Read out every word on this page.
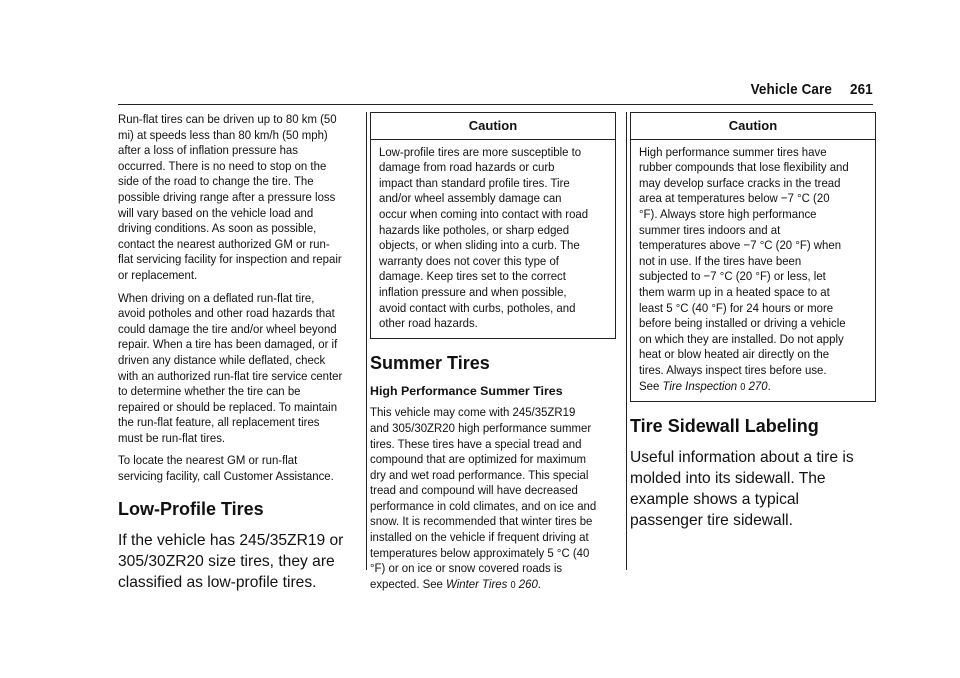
Vehicle Care 261

Run-flat tires can be driven up to 80 km (50 mi) at speeds less than 80 km/h (50 mph) after a loss of inflation pressure has occurred. There is no need to stop on the side of the road to change the tire. The possible driving range after a pressure loss will vary based on the vehicle load and driving conditions. As soon as possible, contact the nearest authorized GM or run-flat servicing facility for inspection and repair or replacement.

When driving on a deflated run-flat tire, avoid potholes and other road hazards that could damage the tire and/or wheel beyond repair. When a tire has been damaged, or if driven any distance while deflated, check with an authorized run-flat tire service center to determine whether the tire can be repaired or should be replaced. To maintain the run-flat feature, all replacement tires must be run-flat tires.

To locate the nearest GM or run-flat servicing facility, call Customer Assistance.

Low-Profile Tires

If the vehicle has 245/35ZR19 or 305/30ZR20 size tires, they are classified as low-profile tires.

Caution
Low-profile tires are more susceptible to damage from road hazards or curb impact than standard profile tires. Tire and/or wheel assembly damage can occur when coming into contact with road hazards like potholes, or sharp edged objects, or when sliding into a curb. The warranty does not cover this type of damage. Keep tires set to the correct inflation pressure and when possible, avoid contact with curbs, potholes, and other road hazards.
Summer Tires
High Performance Summer Tires

This vehicle may come with 245/35ZR19 and 305/30ZR20 high performance summer tires. These tires have a special tread and compound that are optimized for maximum dry and wet road performance. This special tread and compound will have decreased performance in cold climates, and on ice and snow. It is recommended that winter tires be installed on the vehicle if frequent driving at temperatures below approximately 5 °C (40 °F) or on ice or snow covered roads is expected. See Winter Tires 0 260.

Caution
High performance summer tires have rubber compounds that lose flexibility and may develop surface cracks in the tread area at temperatures below −7 °C (20 °F). Always store high performance summer tires indoors and at temperatures above −7 °C (20 °F) when not in use. If the tires have been subjected to −7 °C (20 °F) or less, let them warm up in a heated space to at least 5 °C (40 °F) for 24 hours or more before being installed or driving a vehicle on which they are installed. Do not apply heat or blow heated air directly on the tires. Always inspect tires before use. See Tire Inspection 0 270.
Tire Sidewall Labeling

Useful information about a tire is molded into its sidewall. The example shows a typical passenger tire sidewall.
